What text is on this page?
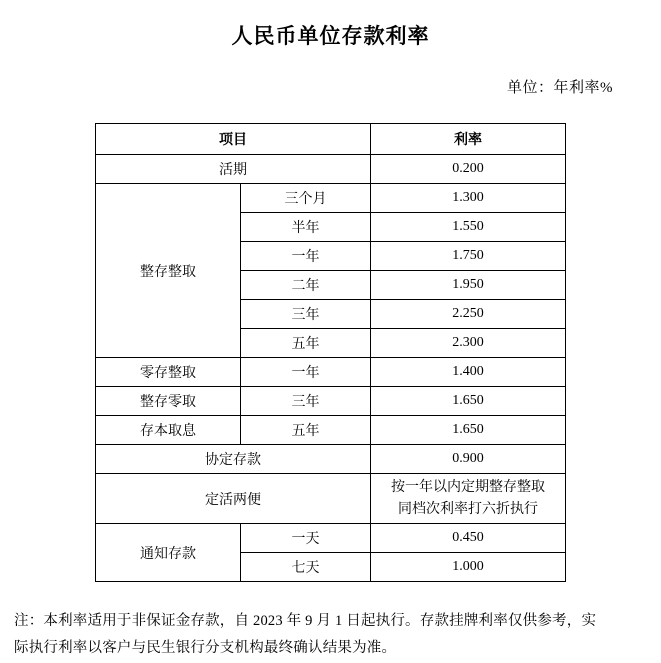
人民币单位存款利率
单位：年利率%
项目		利率
活期		0.200
整存整取	三个月	1.300
	半年	1.550
	一年	1.750
	二年	1.950
	三年	2.250
	五年	2.300
零存整取	一年	1.400
整存零取	三年	1.650
存本取息	五年	1.650
协定存款		0.900
定活两便		按一年以内定期整存整取
同档次利率打六折执行

通知存款	一天	0.450
	七天	1.000
注：本利率适用于非保证金存款，自 2023 年 9 月 1 日起执行。存款挂牌利率仅供参考，实
际执行利率以客户与民生银行分支机构最终确认结果为准。
